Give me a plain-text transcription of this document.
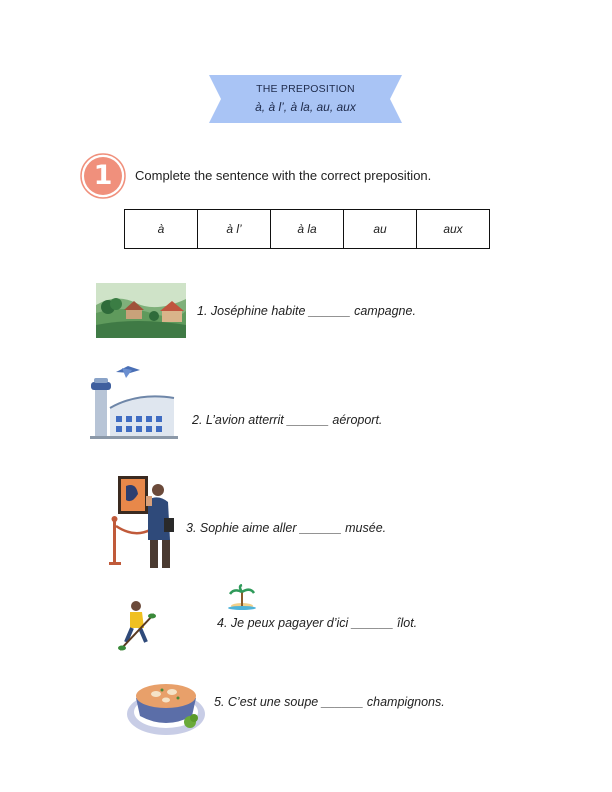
THE PREPOSITION
à, à l’, à la, au, aux
1	Complete the sentence with the correct preposition.
à	à l’	à la	au	aux
1. Joséphine habite ______ campagne.
2. L’avion atterrit ______ aéroport.
3. Sophie aime aller ______ musée.
4. Je peux pagayer d’ici ______ îlot.
5. C’est une soupe ______ champignons.
